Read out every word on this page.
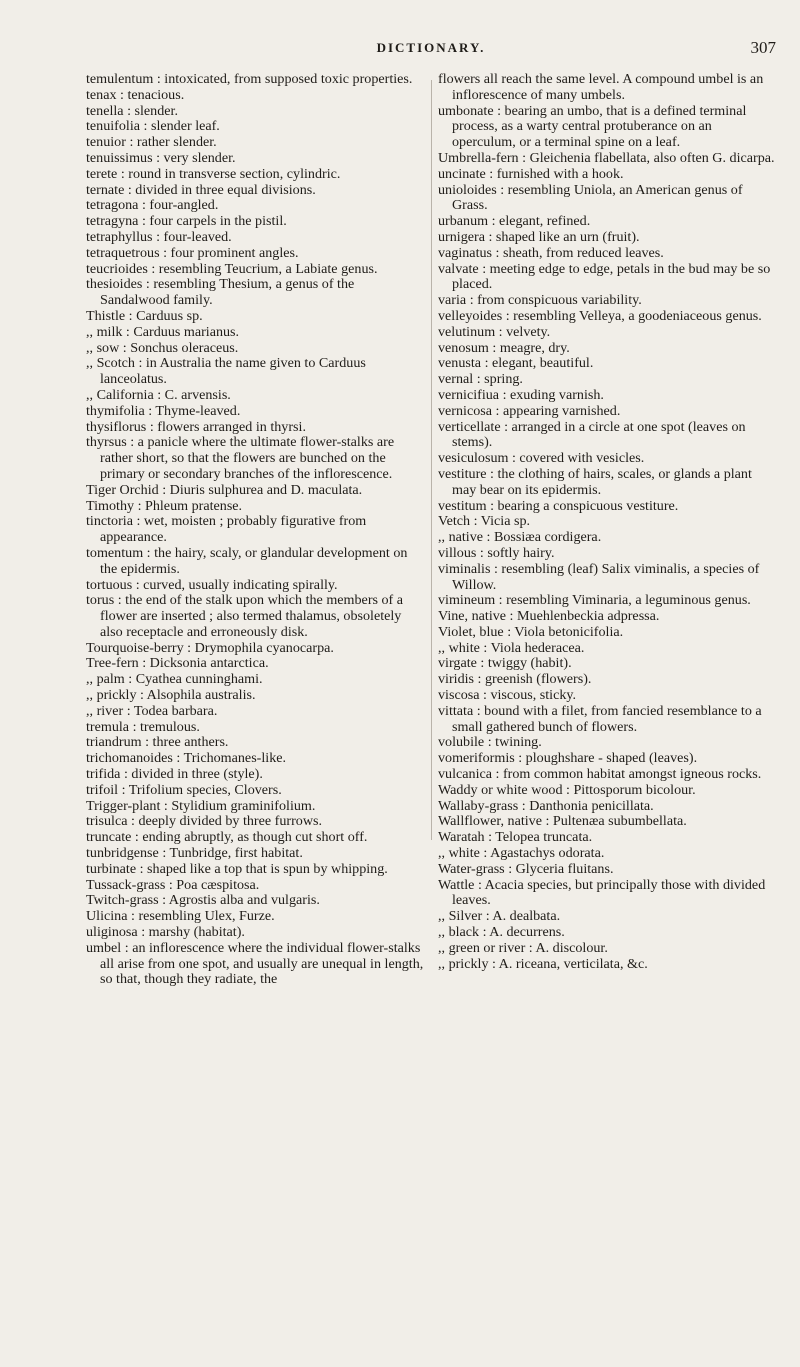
DICTIONARY.	307

temulentum : intoxicated, from supposed toxic properties.

tenax : tenacious.

tenella : slender.

tenuifolia : slender leaf.

tenuior : rather slender.

tenuissimus : very slender.

terete : round in transverse section, cylindric.

ternate : divided in three equal divisions.

tetragona : four-angled.

tetragyna : four carpels in the pistil.

tetraphyllus : four-leaved.

tetraquetrous : four prominent angles.

teucrioides : resembling Teucrium, a Labiate genus.

thesioides : resembling Thesium, a genus of the Sandalwood family.

Thistle : Carduus sp.

,, milk : Carduus marianus.

,, sow : Sonchus oleraceus.

,, Scotch : in Australia the name given to Carduus lanceolatus.

,, California : C. arvensis.

thymifolia : Thyme-leaved.

thysiflorus : flowers arranged in thyrsi.

thyrsus : a panicle where the ultimate flower-stalks are rather short, so that the flowers are bunched on the primary or secondary branches of the inflorescence.

Tiger Orchid : Diuris sulphurea and D. maculata.

Timothy : Phleum pratense.

tinctoria : wet, moisten ; probably figurative from appearance.

tomentum : the hairy, scaly, or glandular development on the epidermis.

tortuous : curved, usually indicating spirally.

torus : the end of the stalk upon which the members of a flower are inserted ; also termed thalamus, obsoletely also receptacle and erroneously disk.

Tourquoise-berry : Drymophila cyanocarpa.

Tree-fern : Dicksonia antarctica.

,, palm : Cyathea cunninghami.

,, prickly : Alsophila australis.

,, river : Todea barbara.

tremula : tremulous.

triandrum : three anthers.

trichomanoides : Trichomanes-like.

trifida : divided in three (style).

trifoil : Trifolium species, Clovers.

Trigger-plant : Stylidium graminifolium.

trisulca : deeply divided by three furrows.

truncate : ending abruptly, as though cut short off.

tunbridgense : Tunbridge, first habitat.

turbinate : shaped like a top that is spun by whipping.

Tussack-grass : Poa cæspitosa.

Twitch-grass : Agrostis alba and vulgaris.

Ulicina : resembling Ulex, Furze.

uliginosa : marshy (habitat).

umbel : an inflorescence where the individual flower-stalks all arise from one spot, and usually are unequal in length, so that, though they radiate, the

flowers all reach the same level. A compound umbel is an inflorescence of many umbels.

umbonate : bearing an umbo, that is a defined terminal process, as a warty central protuberance on an operculum, or a terminal spine on a leaf.

Umbrella-fern : Gleichenia flabellata, also often G. dicarpa.

uncinate : furnished with a hook.

unioloides : resembling Uniola, an American genus of Grass.

urbanum : elegant, refined.

urnigera : shaped like an urn (fruit).

vaginatus : sheath, from reduced leaves.

valvate : meeting edge to edge, petals in the bud may be so placed.

varia : from conspicuous variability.

velleyoides : resembling Velleya, a goodeniaceous genus.

velutinum : velvety.

venosum : meagre, dry.

venusta : elegant, beautiful.

vernal : spring.

vernicifiua : exuding varnish.

vernicosa : appearing varnished.

verticellate : arranged in a circle at one spot (leaves on stems).

vesiculosum : covered with vesicles.

vestiture : the clothing of hairs, scales, or glands a plant may bear on its epidermis.

vestitum : bearing a conspicuous vestiture.

Vetch : Vicia sp.

,, native : Bossiæa cordigera.

villous : softly hairy.

viminalis : resembling (leaf) Salix viminalis, a species of Willow.

vimineum : resembling Viminaria, a leguminous genus.

Vine, native : Muehlenbeckia adpressa.

Violet, blue : Viola betonicifolia.

,, white : Viola hederacea.

virgate : twiggy (habit).

viridis : greenish (flowers).

viscosa : viscous, sticky.

vittata : bound with a filet, from fancied resemblance to a small gathered bunch of flowers.

volubile : twining.

vomeriformis : ploughshare - shaped (leaves).

vulcanica : from common habitat amongst igneous rocks.

Waddy or white wood : Pittosporum bicolour.

Wallaby-grass : Danthonia penicillata.

Wallflower, native : Pultenæa subumbellata.

Waratah : Telopea truncata.

,, white : Agastachys odorata.

Water-grass : Glyceria fluitans.

Wattle : Acacia species, but principally those with divided leaves.

,, Silver : A. dealbata.

,, black : A. decurrens.

,, green or river : A. discolour.

,, prickly : A. riceana, verticilata, &c.
